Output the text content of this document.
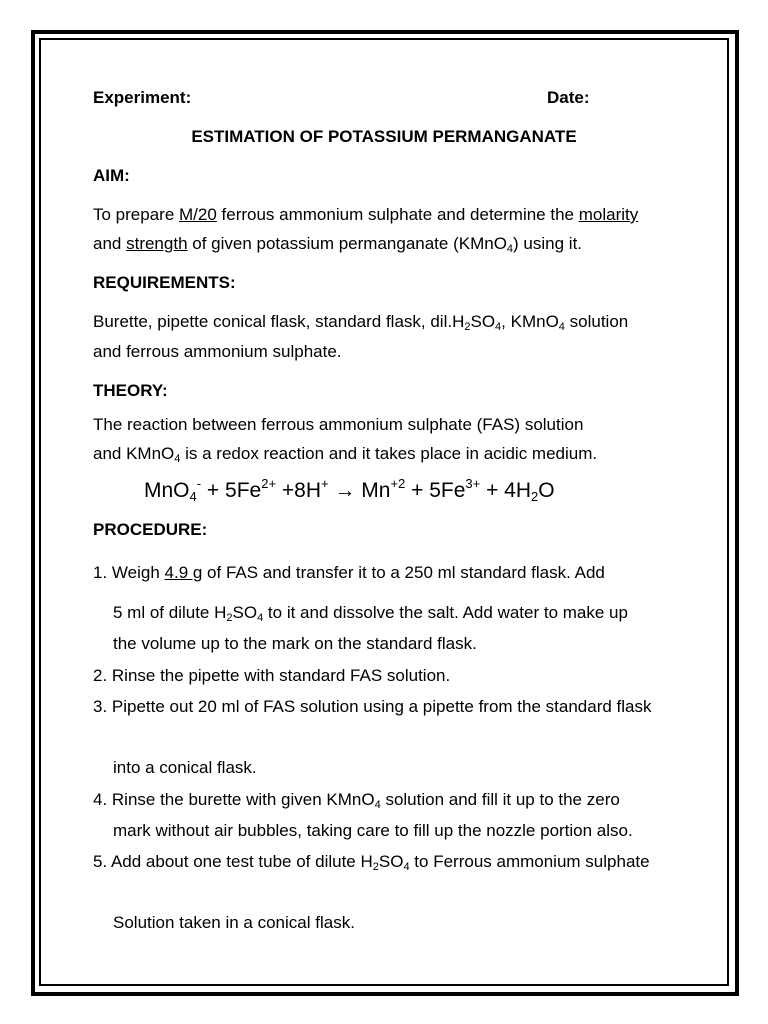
Experiment:	Date:
ESTIMATION OF POTASSIUM PERMANGANATE
AIM:
To prepare M/20 ferrous ammonium sulphate and determine the molarity
and strength of given potassium permanganate (KMnO$_4$) using it.
REQUIREMENTS:
Burette, pipette conical flask, standard flask, $dil.H_2SO_4$, KMnO$_4$ solution
and ferrous ammonium sulphate.
THEORY:
The reaction between ferrous ammonium sulphate (FAS) solution
and KMnO$_4$ is a redox reaction and it takes place in acidic medium.
$MnO_4^- + 5Fe^{2+} +8H^+ \to Mn^{+2} + 5Fe^{3+} + 4H_2O$
PROCEDURE:
1. Weigh 4.9 g of FAS and transfer it to a 250 ml standard flask. Add
5 ml of dilute $H_2SO_4$ to it and dissolve the salt. Add water to make up
the volume up to the mark on the standard flask.
2. Rinse the pipette with standard FAS solution.
3. Pipette out 20 ml of FAS solution using a pipette from the standard flask
into a conical flask.
4. Rinse the burette with given KMnO$_4$ solution and fill it up to the zero
mark without air bubbles, taking care to fill up the nozzle portion also.
5. Add about one test tube of dilute $H_2SO_4$ to Ferrous ammonium sulphate
Solution taken in a conical flask.
